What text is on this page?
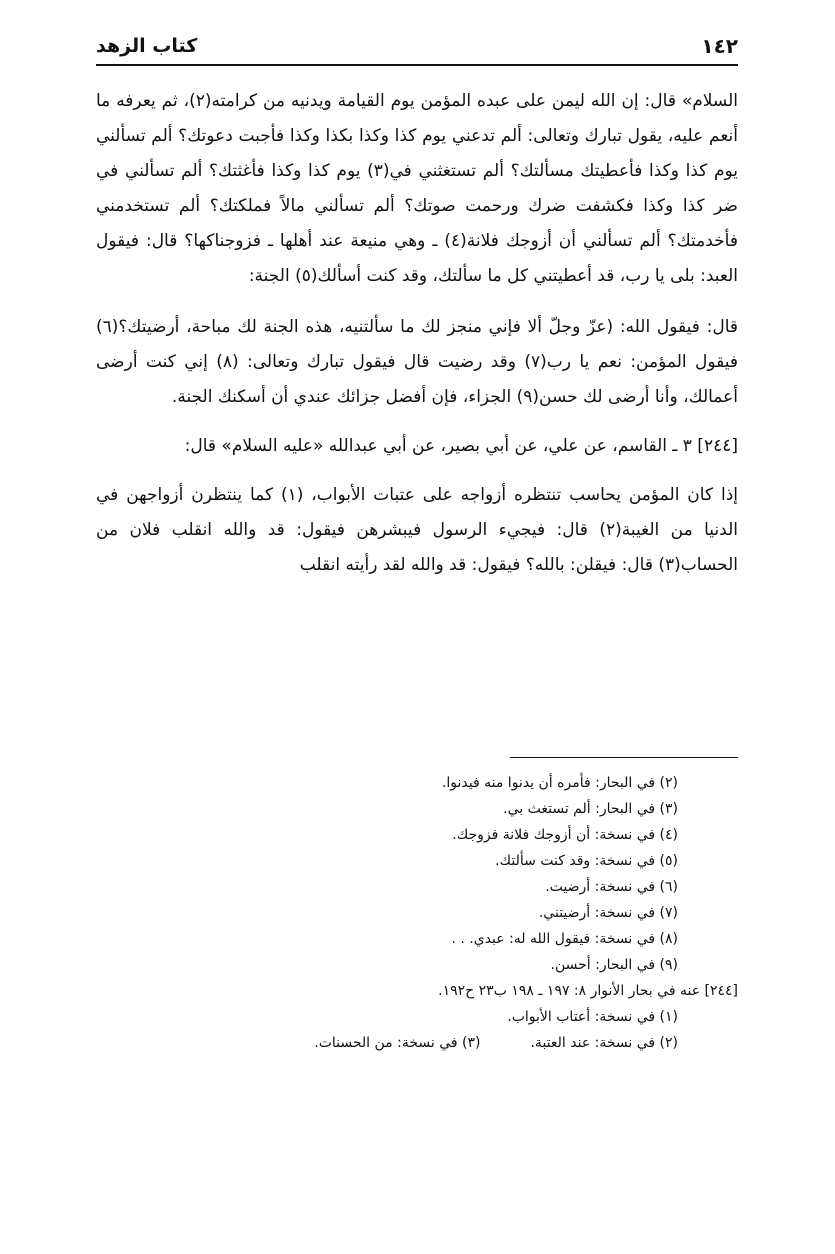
١٤٢
كتاب الزهد

السلام» قال: إن الله ليمن على عبده المؤمن يوم القيامة ويدنيه من كرامته(٢)، ثم يعرفه ما أنعم عليه، يقول تبارك وتعالى: ألم تدعني يوم كذا وكذا بكذا وكذا فأجبت دعوتك؟ ألم تسألني يوم كذا وكذا فأعطيتك مسألتك؟ ألم تستغثني في(٣) يوم كذا وكذا فأغثتك؟ ألم تسألني في ضر كذا وكذا فكشفت ضرك ورحمت صوتك؟ ألم تسألني مالاً فملكتك؟ ألم تستخدمني فأخدمتك؟ ألم تسألني أن أزوجك فلانة(٤) ـ وهي منيعة عند أهلها ـ فزوجناكها؟ قال: فيقول العبد: بلى يا رب، قد أعطيتني كل ما سألتك، وقد كنت أسألك(٥) الجنة:

قال: فيقول الله: (عزّ وجلّ ألا فإني منجز لك ما سألتنيه، هذه الجنة لك مباحة، أرضيتك؟(٦) فيقول المؤمن: نعم يا رب(٧) وقد رضيت قال فيقول تبارك وتعالى: (٨) إني كنت أرضى أعمالك، وأنا أرضى لك حسن(٩) الجزاء، فإن أفضل جزائك عندي أن أسكنك الجنة.

[٢٤٤] ٣ ـ القاسم، عن علي، عن أبي بصير، عن أبي عبدالله «عليه السلام» قال:

إذا كان المؤمن يحاسب تنتظره أزواجه على عتبات الأبواب، (١) كما ينتظرن أزواجهن في الدنيا من الغيبة(٢) قال: فيجيء الرسول فيبشرهن فيقول: قد والله انقلب فلان من الحساب(٣) قال: فيقلن: بالله؟ فيقول: قد والله لقد رأيته انقلب

(٢) في البحار: فأمره أن يدنوا منه فيدنوا.
(٣) في البحار: ألم تستغث بي.
(٤) في نسخة: أن أزوجك فلانة فزوجك.
(٥) في نسخة: وقد كنت سألتك.
(٦) في نسخة: أرضيت.
(٧) في نسخة: أرضيتني.
(٨) في نسخة: فيقول الله له: عبدي. . .
(٩) في البحار: أحسن.
[٢٤٤] عنه في بحار الأنوار ٨: ١٩٧ ـ ١٩٨ ب٢٣ ح١٩٢.
(١) في نسخة: أعتاب الأبواب.
(٢) في نسخة: عند العتبة.(٣) في نسخة: من الحسنات.
